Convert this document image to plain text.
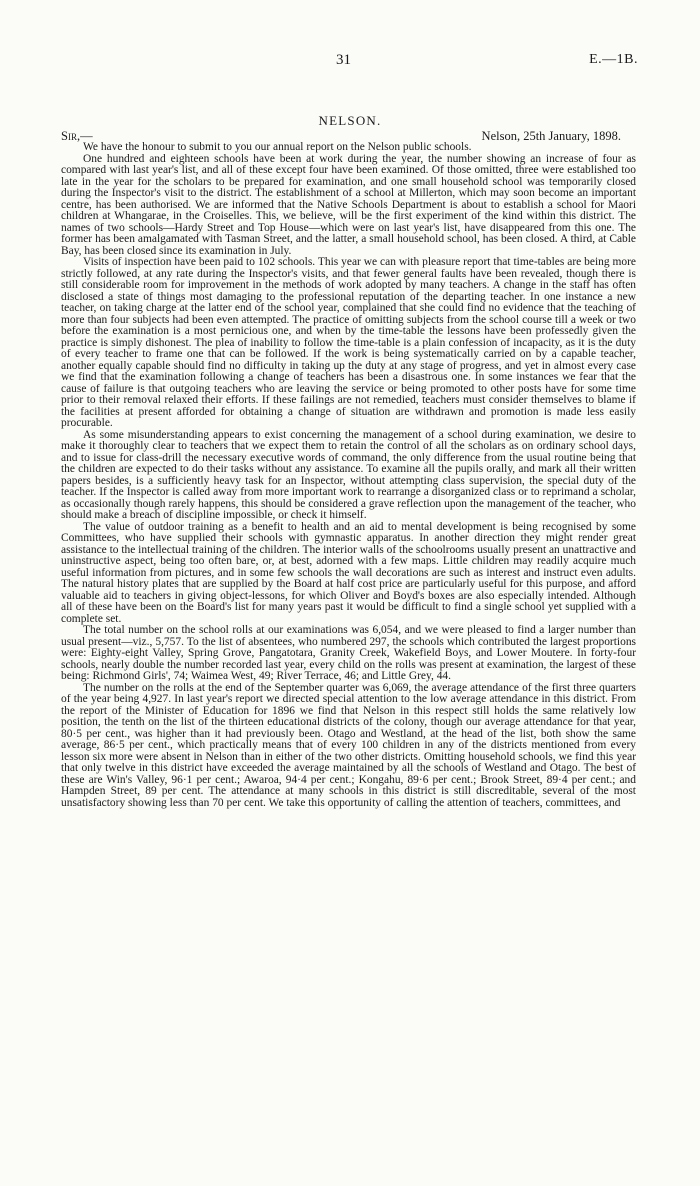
31	E.—1B.
NELSON.
Sir,—	Nelson, 25th January, 1898.

We have the honour to submit to you our annual report on the Nelson public schools.

One hundred and eighteen schools have been at work during the year, the number showing an increase of four as compared with last year's list, and all of these except four have been examined. Of those omitted, three were established too late in the year for the scholars to be prepared for examination, and one small household school was temporarily closed during the Inspector's visit to the district. The establishment of a school at Millerton, which may soon become an important centre, has been authorised. We are informed that the Native Schools Department is about to establish a school for Maori children at Whangarae, in the Croiselles. This, we believe, will be the first experiment of the kind within this district. The names of two schools—Hardy Street and Top House—which were on last year's list, have disappeared from this one. The former has been amalgamated with Tasman Street, and the latter, a small household school, has been closed. A third, at Cable Bay, has been closed since its examination in July.

Visits of inspection have been paid to 102 schools. This year we can with pleasure report that time-tables are being more strictly followed, at any rate during the Inspector's visits, and that fewer general faults have been revealed, though there is still considerable room for improvement in the methods of work adopted by many teachers. A change in the staff has often disclosed a state of things most damaging to the professional reputation of the departing teacher. In one instance a new teacher, on taking charge at the latter end of the school year, complained that she could find no evidence that the teaching of more than four subjects had been even attempted. The practice of omitting subjects from the school course till a week or two before the examination is a most pernicious one, and when by the time-table the lessons have been professedly given the practice is simply dishonest. The plea of inability to follow the time-table is a plain confession of incapacity, as it is the duty of every teacher to frame one that can be followed. If the work is being systematically carried on by a capable teacher, another equally capable should find no difficulty in taking up the duty at any stage of progress, and yet in almost every case we find that the examination following a change of teachers has been a disastrous one. In some instances we fear that the cause of failure is that outgoing teachers who are leaving the service or being promoted to other posts have for some time prior to their removal relaxed their efforts. If these failings are not remedied, teachers must consider themselves to blame if the facilities at present afforded for obtaining a change of situation are withdrawn and promotion is made less easily procurable.

As some misunderstanding appears to exist concerning the management of a school during examination, we desire to make it thoroughly clear to teachers that we expect them to retain the control of all the scholars as on ordinary school days, and to issue for class-drill the necessary executive words of command, the only difference from the usual routine being that the children are expected to do their tasks without any assistance. To examine all the pupils orally, and mark all their written papers besides, is a sufficiently heavy task for an Inspector, without attempting class supervision, the special duty of the teacher. If the Inspector is called away from more important work to rearrange a disorganized class or to reprimand a scholar, as occasionally though rarely happens, this should be considered a grave reflection upon the management of the teacher, who should make a breach of discipline impossible, or check it himself.

The value of outdoor training as a benefit to health and an aid to mental development is being recognised by some Committees, who have supplied their schools with gymnastic apparatus. In another direction they might render great assistance to the intellectual training of the children. The interior walls of the schoolrooms usually present an unattractive and uninstructive aspect, being too often bare, or, at best, adorned with a few maps. Little children may readily acquire much useful information from pictures, and in some few schools the wall decorations are such as interest and instruct even adults. The natural history plates that are supplied by the Board at half cost price are particularly useful for this purpose, and afford valuable aid to teachers in giving object-lessons, for which Oliver and Boyd's boxes are also especially intended. Although all of these have been on the Board's list for many years past it would be difficult to find a single school yet supplied with a complete set.

The total number on the school rolls at our examinations was 6,054, and we were pleased to find a larger number than usual present—viz., 5,757. To the list of absentees, who numbered 297, the schools which contributed the largest proportions were: Eighty-eight Valley, Spring Grove, Pangatotara, Granity Creek, Wakefield Boys, and Lower Moutere. In forty-four schools, nearly double the number recorded last year, every child on the rolls was present at examination, the largest of these being: Richmond Girls', 74; Waimea West, 49; River Terrace, 46; and Little Grey, 44.

The number on the rolls at the end of the September quarter was 6,069, the average attendance of the first three quarters of the year being 4,927. In last year's report we directed special attention to the low average attendance in this district. From the report of the Minister of Education for 1896 we find that Nelson in this respect still holds the same relatively low position, the tenth on the list of the thirteen educational districts of the colony, though our average attendance for that year, 80·5 per cent., was higher than it had previously been. Otago and Westland, at the head of the list, both show the same average, 86·5 per cent., which practically means that of every 100 children in any of the districts mentioned from every lesson six more were absent in Nelson than in either of the two other districts. Omitting household schools, we find this year that only twelve in this district have exceeded the average maintained by all the schools of Westland and Otago. The best of these are Win's Valley, 96·1 per cent.; Awaroa, 94·4 per cent.; Kongahu, 89·6 per cent.; Brook Street, 89·4 per cent.; and Hampden Street, 89 per cent. The attendance at many schools in this district is still discreditable, several of the most unsatisfactory showing less than 70 per cent. We take this opportunity of calling the attention of teachers, committees, and
